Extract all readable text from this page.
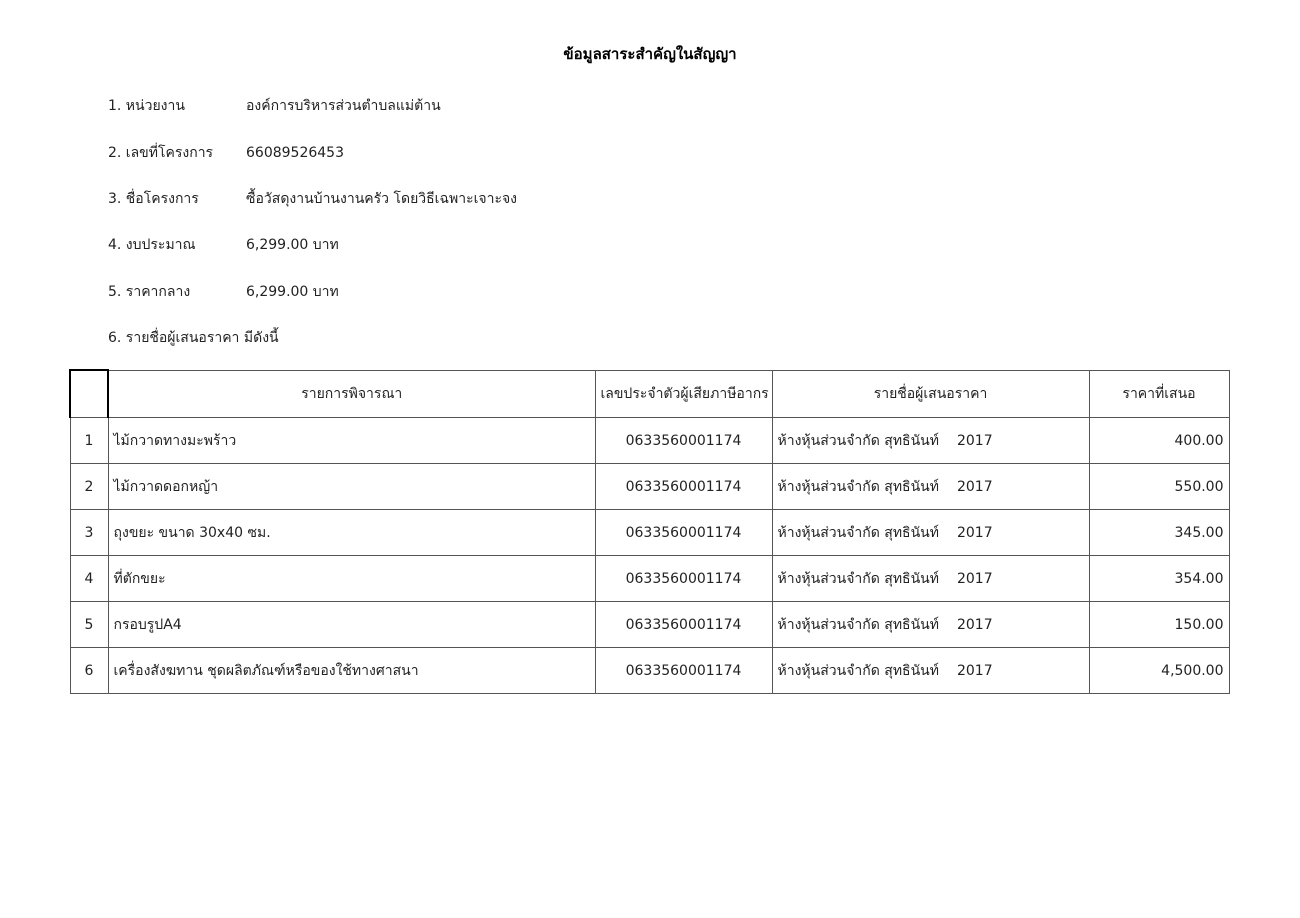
ข้อมูลสาระสำคัญในสัญญา
1. หน่วยงาน	องค์การบริหารส่วนตำบลแม่ต้าน
2. เลขที่โครงการ 66089526453
3. ชื่อโครงการ	ซื้อวัสดุงานบ้านงานครัว โดยวิธีเฉพาะเจาะจง
4. งบประมาณ	6,299.00 บาท
5. ราคากลาง	6,299.00 บาท
6. รายชื่อผู้เสนอราคา มีดังนี้
	รายการพิจารณา	เลขประจำตัวผู้เสียภาษีอากร	รายชื่อผู้เสนอราคา	ราคาที่เสนอ
1	ไม้กวาดทางมะพร้าว	0633560001174	ห้างหุ้นส่วนจำกัด สุทธินันท์ 2017	400.00
2	ไม้กวาดดอกหญ้า	0633560001174	ห้างหุ้นส่วนจำกัด สุทธินันท์ 2017	550.00
3	ถุงขยะ ขนาด 30x40 ซม.	0633560001174	ห้างหุ้นส่วนจำกัด สุทธินันท์ 2017	345.00
4	ที่ตักขยะ	0633560001174	ห้างหุ้นส่วนจำกัด สุทธินันท์ 2017	354.00
5	กรอบรูปA4	0633560001174	ห้างหุ้นส่วนจำกัด สุทธินันท์ 2017	150.00
6	เครื่องสังฆทาน ชุดผลิตภัณฑ์หรือของใช้ทางศาสนา	0633560001174	ห้างหุ้นส่วนจำกัด สุทธินันท์ 2017	4,500.00
